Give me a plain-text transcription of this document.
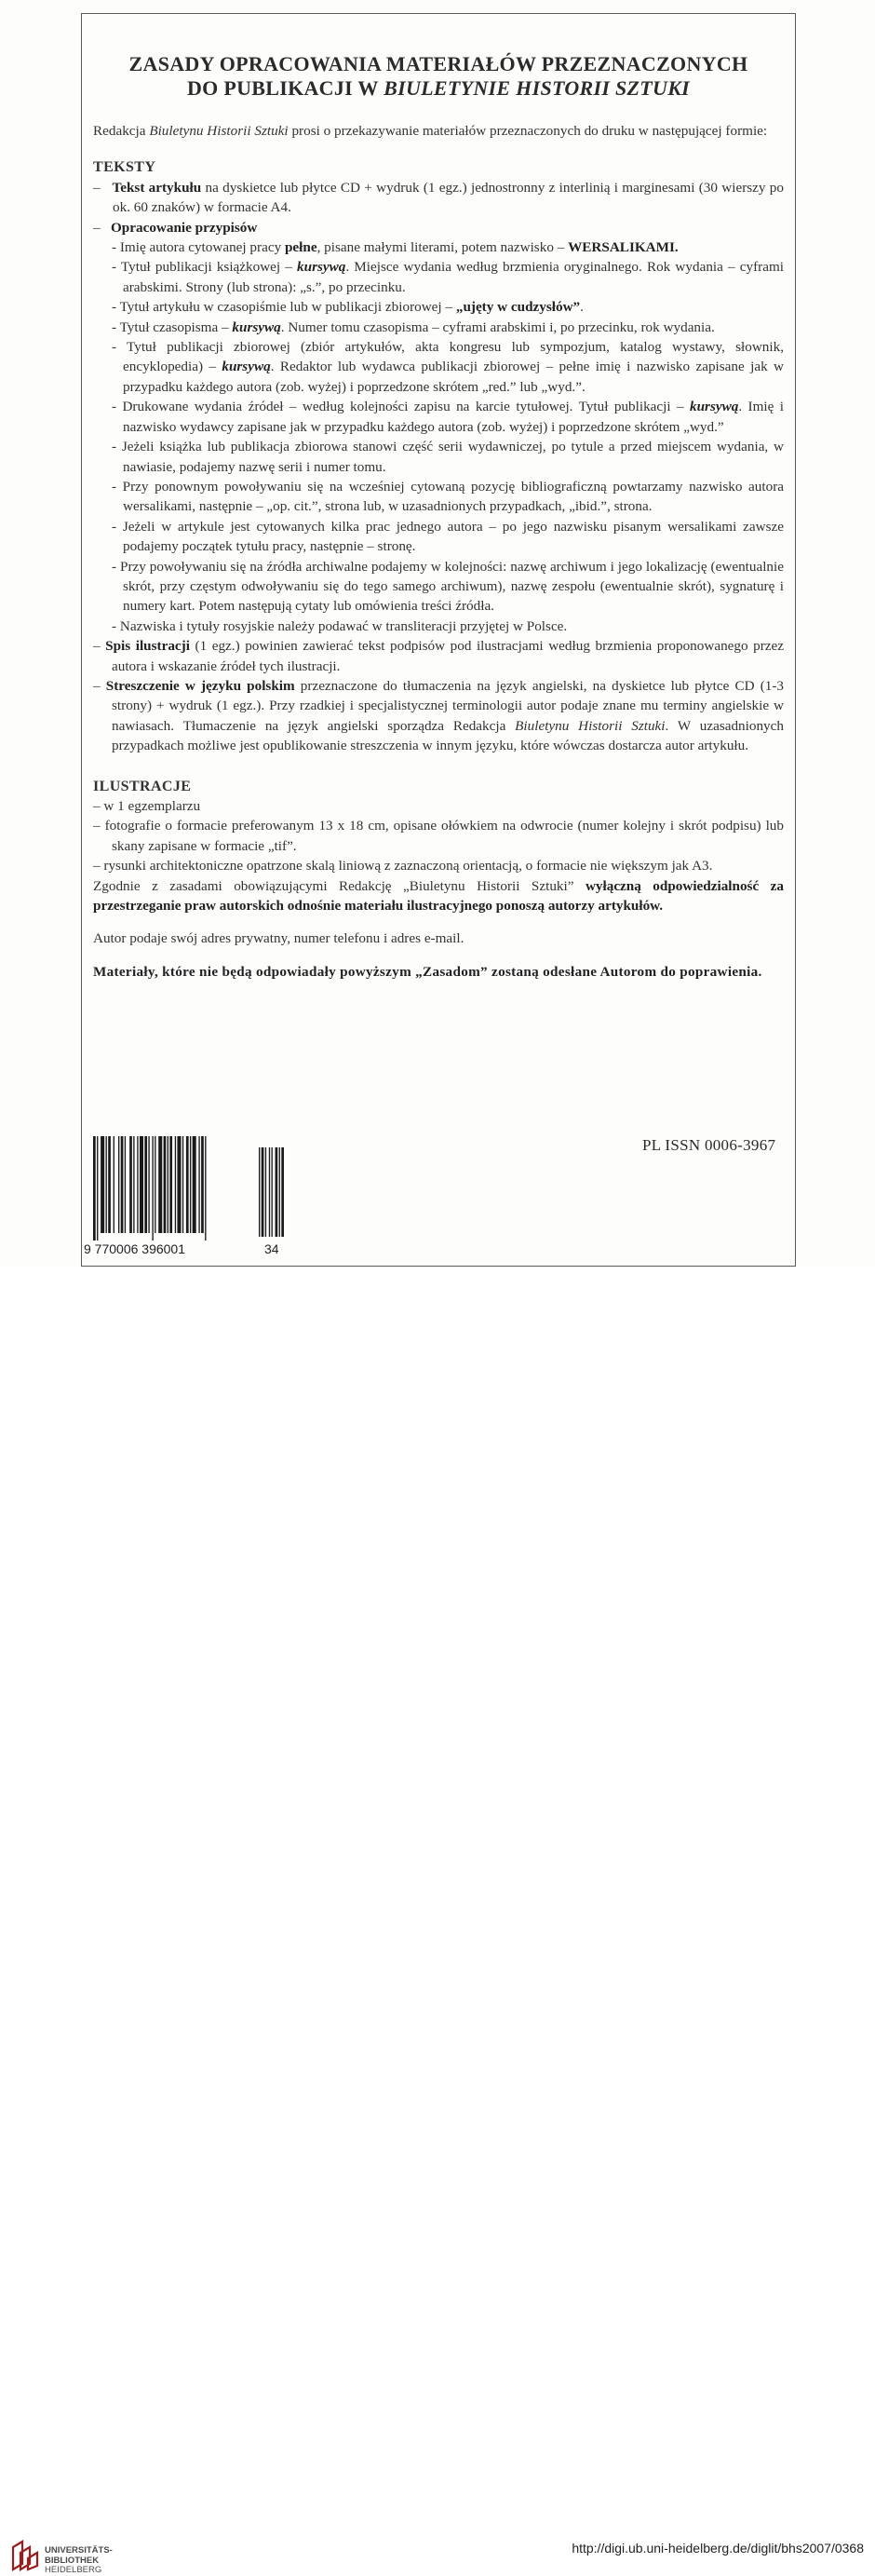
ZASADY OPRACOWANIA MATERIAŁÓW PRZEZNACZONYCH
DO PUBLIKACJI W BIULETYNIE HISTORII SZTUKI

Redakcja Biuletynu Historii Sztuki prosi o przekazywanie materiałów przeznaczonych do druku w następującej formie:

TEKSTY

–   Tekst artykułu na dyskietce lub płytce CD + wydruk (1 egz.) jednostronny z interlinią i marginesami (30 wierszy po ok. 60 znaków) w formacie A4.

–   Opracowanie przypisów

- Imię autora cytowanej pracy pełne, pisane małymi literami, potem nazwisko – WERSALIKAMI.

- Tytuł publikacji książkowej – kursywą. Miejsce wydania według brzmienia oryginalnego. Rok wydania – cyframi arabskimi. Strony (lub strona): „s.”, po przecinku.

- Tytuł artykułu w czasopiśmie lub w publikacji zbiorowej – „ujęty w cudzysłów”.

- Tytuł czasopisma – kursywą. Numer tomu czasopisma – cyframi arabskimi i, po przecinku, rok wydania.

- Tytuł publikacji zbiorowej (zbiór artykułów, akta kongresu lub sympozjum, katalog wystawy, słownik, encyklopedia) – kursywą. Redaktor lub wydawca publikacji zbiorowej – pełne imię i nazwisko zapisane jak w przypadku każdego autora (zob. wyżej) i poprzedzone skrótem „red.” lub „wyd.”.

- Drukowane wydania źródeł – według kolejności zapisu na karcie tytułowej. Tytuł publikacji – kursywą. Imię i nazwisko wydawcy zapisane jak w przypadku każdego autora (zob. wyżej) i poprzedzone skrótem „wyd.”

- Jeżeli książka lub publikacja zbiorowa stanowi część serii wydawniczej, po tytule a przed miejscem wydania, w nawiasie, podajemy nazwę serii i numer tomu.

- Przy ponownym powoływaniu się na wcześniej cytowaną pozycję bibliograficzną powtarzamy nazwisko autora wersalikami, następnie – „op. cit.”, strona lub, w uzasadnionych przypadkach, „ibid.”, strona.

- Jeżeli w artykule jest cytowanych kilka prac jednego autora – po jego nazwisku pisanym wersalikami zawsze podajemy początek tytułu pracy, następnie – stronę.

- Przy powoływaniu się na źródła archiwalne podajemy w kolejności: nazwę archiwum i jego lokalizację (ewentualnie skrót, przy częstym odwoływaniu się do tego samego archiwum), nazwę zespołu (ewentualnie skrót), sygnaturę i numery kart. Potem następują cytaty lub omówienia treści źródła.

- Nazwiska i tytuły rosyjskie należy podawać w transliteracji przyjętej w Polsce.

– Spis ilustracji (1 egz.) powinien zawierać tekst podpisów pod ilustracjami według brzmienia proponowanego przez autora i wskazanie źródeł tych ilustracji.

– Streszczenie w języku polskim przeznaczone do tłumaczenia na język angielski, na dyskietce lub płytce CD (1-3 strony) + wydruk (1 egz.). Przy rzadkiej i specjalistycznej terminologii autor podaje znane mu terminy angielskie w nawiasach. Tłumaczenie na język angielski sporządza Redakcja Biuletynu Historii Sztuki. W uzasadnionych przypadkach możliwe jest opublikowanie streszczenia w innym języku, które wówczas dostarcza autor artykułu.

ILUSTRACJE

– w 1 egzemplarzu

– fotografie o formacie preferowanym 13 x 18 cm, opisane ołówkiem na odwrocie (numer kolejny i skrót podpisu) lub skany zapisane w formacie „tif”.

– rysunki architektoniczne opatrzone skalą liniową z zaznaczoną orientacją, o formacie nie większym jak A3.

Zgodnie z zasadami obowiązującymi Redakcję „Biuletynu Historii Sztuki” wyłączną odpowiedzialność za przestrzeganie praw autorskich odnośnie materiału ilustracyjnego ponoszą autorzy artykułów.

Autor podaje swój adres prywatny, numer telefonu i adres e-mail.

Materiały, które nie będą odpowiadały powyższym „Zasadom” zostaną odesłane Autorom do poprawienia.

9 770006 396001	34
PL ISSN 0006-3967
UNIVERSITÄTS-
BIBLIOTHEK
HEIDELBERG
http://digi.ub.uni-heidelberg.de/diglit/bhs2007/0368
